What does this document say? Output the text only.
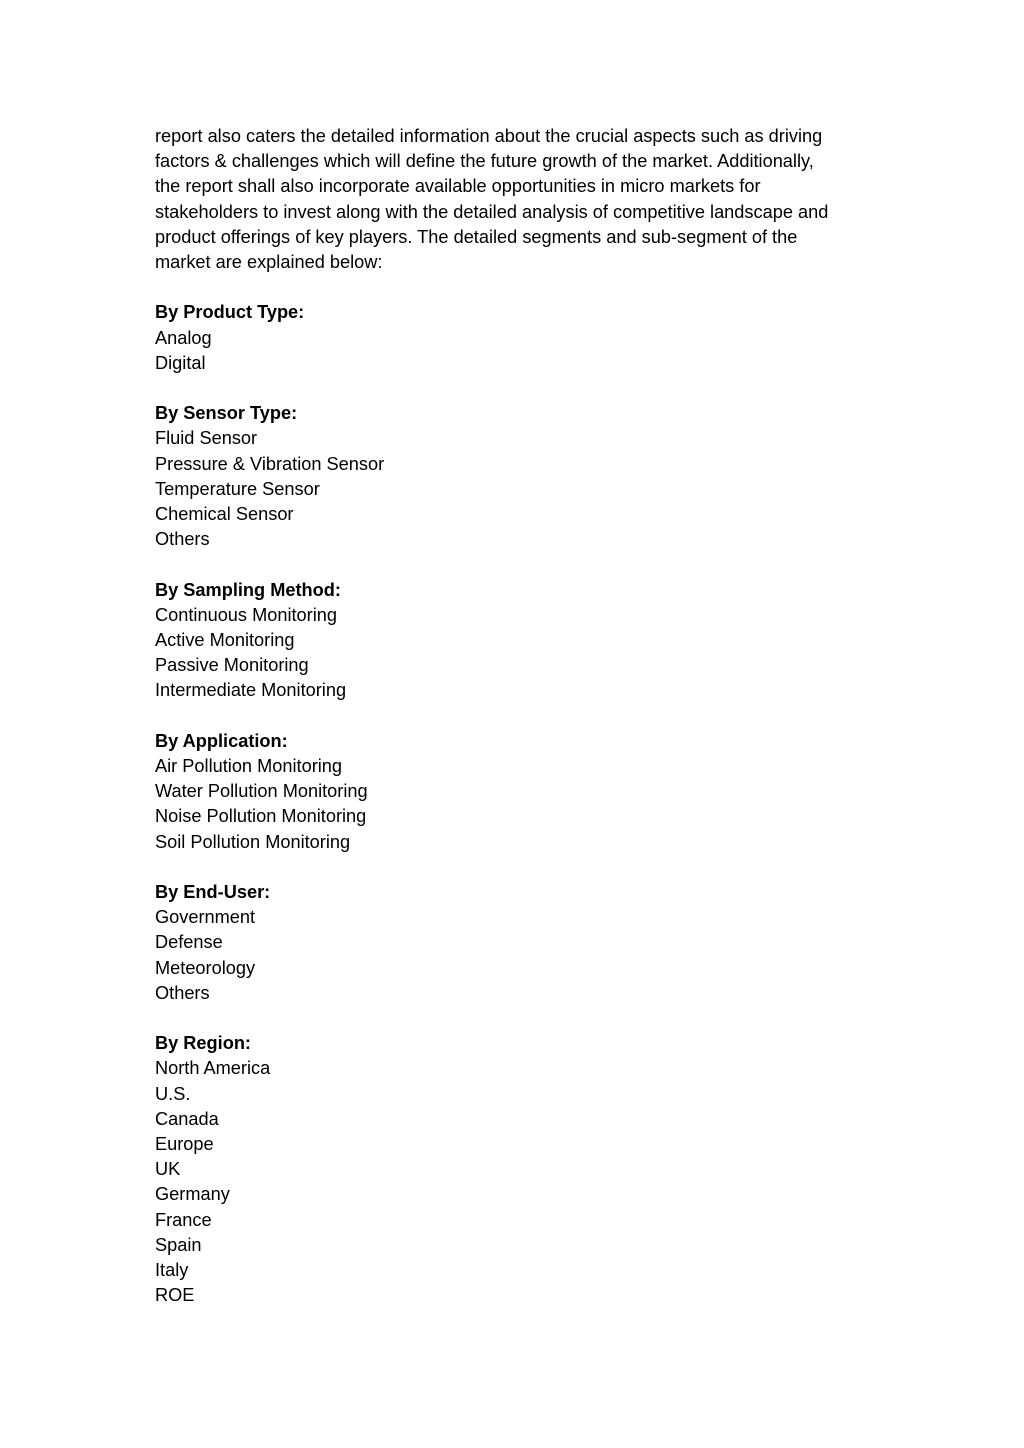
report also caters the detailed information about the crucial aspects such as driving
factors & challenges which will define the future growth of the market. Additionally,
the report shall also incorporate available opportunities in micro markets for
stakeholders to invest along with the detailed analysis of competitive landscape and
product offerings of key players. The detailed segments and sub-segment of the
market are explained below:
By Product Type:
Analog
Digital
By Sensor Type:
Fluid Sensor
Pressure & Vibration Sensor
Temperature Sensor
Chemical Sensor
Others
By Sampling Method:
Continuous Monitoring
Active Monitoring
Passive Monitoring
Intermediate Monitoring
By Application:
Air Pollution Monitoring
Water Pollution Monitoring
Noise Pollution Monitoring
Soil Pollution Monitoring
By End-User:
Government
Defense
Meteorology
Others
By Region:
North America
U.S.
Canada
Europe
UK
Germany
France
Spain
Italy
ROE
